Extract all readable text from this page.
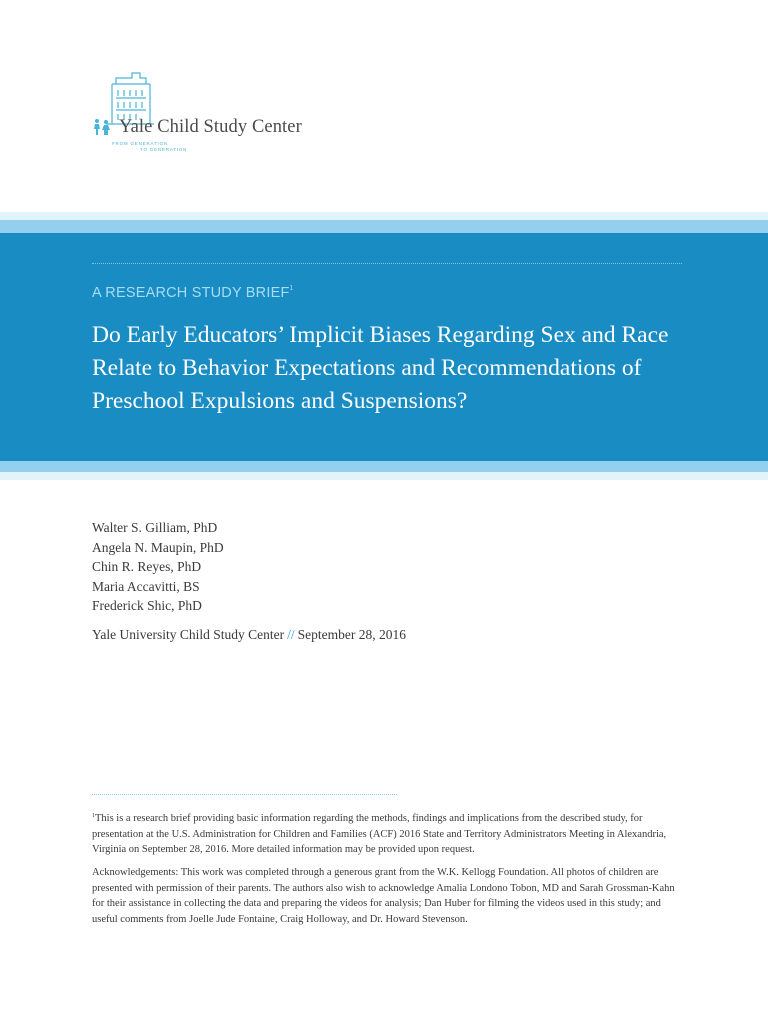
Yale Child Study Center
FROM GENERATION
TO GENERATION
A RESEARCH STUDY BRIEF$^1$
Do Early Educators’ Implicit Biases Regarding Sex and Race
Relate to Behavior Expectations and Recommendations of
Preschool Expulsions and Suspensions?
Walter S. Gilliam, PhD
Angela N. Maupin, PhD
Chin R. Reyes, PhD
Maria Accavitti, BS
Frederick Shic, PhD
Yale University Child Study Center // September 28, 2016

$^1$This is a research brief providing basic information regarding the methods, findings and implications from the described study, for presentation at the U.S. Administration for Children and Families (ACF) 2016 State and Territory Administrators Meeting in Alexandria, Virginia on September 28, 2016. More detailed information may be provided upon request.

Acknowledgements: This work was completed through a generous grant from the W.K. Kellogg Foundation. All photos of children are presented with permission of their parents. The authors also wish to acknowledge Amalia Londono Tobon, MD and Sarah Grossman-Kahn for their assistance in collecting the data and preparing the videos for analysis; Dan Huber for filming the videos used in this study; and useful comments from Joelle Jude Fontaine, Craig Holloway, and Dr. Howard Stevenson.
